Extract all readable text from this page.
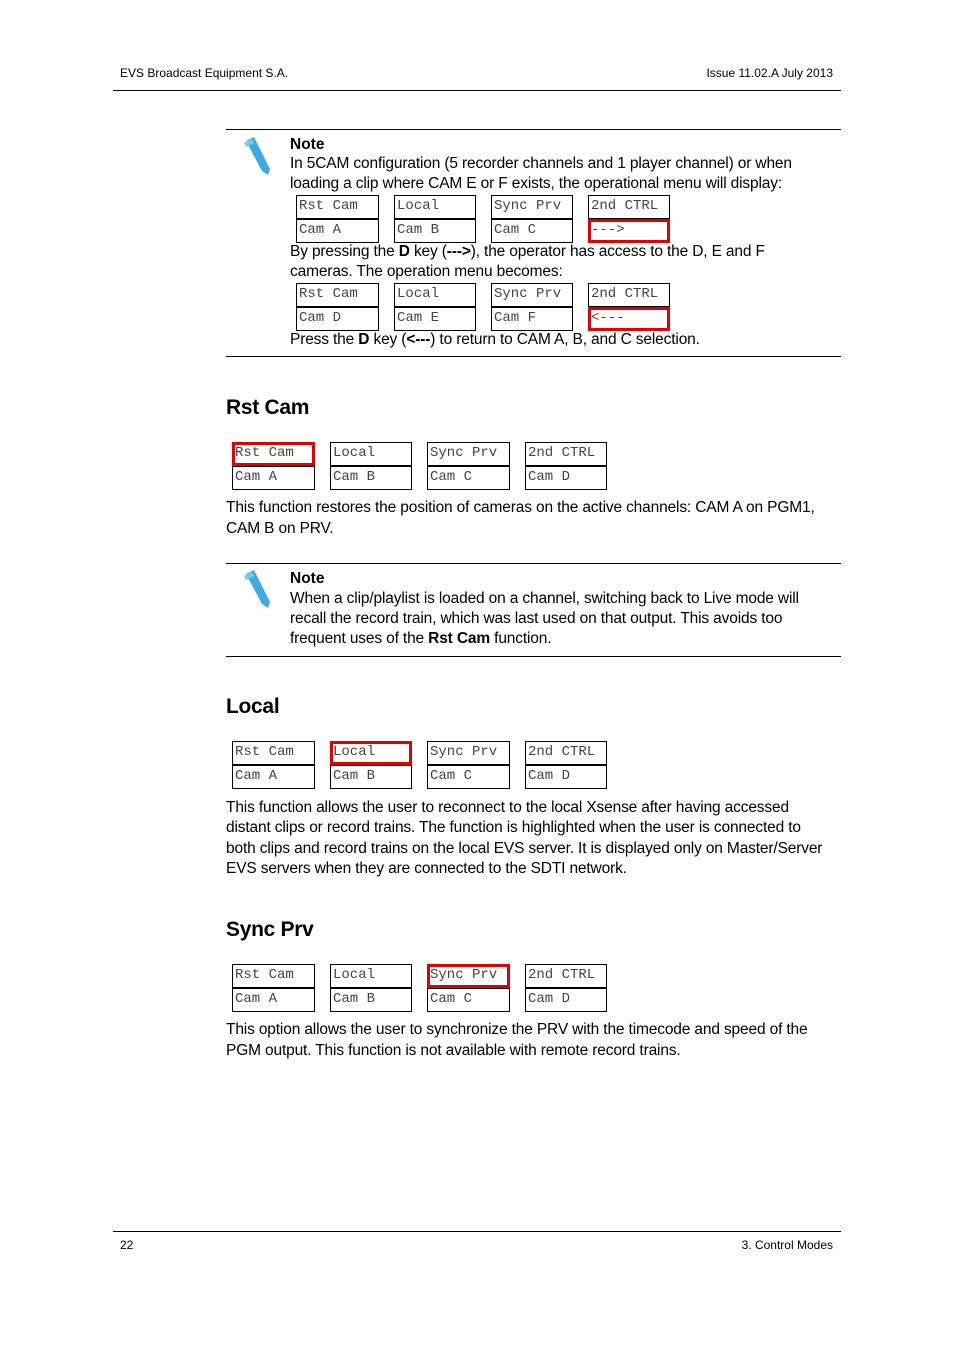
EVS Broadcast Equipment S.A.	Issue 11.02.A July 2013
Note
In 5CAM configuration (5 recorder channels and 1 player channel) or when
loading a clip where CAM E or F exists, the operational menu will display:
Rst Cam	Local	Sync Prv	2nd CTRL
Cam A	Cam B	Cam C	--->
By pressing the D key (--->), the operator has access to the D, E and F
cameras. The operation menu becomes:
Rst Cam	Local	Sync Prv	2nd CTRL
Cam D	Cam E	Cam F	<---
Press the D key (<---) to return to CAM A, B, and C selection.
Rst Cam
Rst Cam	Local	Sync Prv	2nd CTRL
Cam A	Cam B	Cam C	Cam D
This function restores the position of cameras on the active channels: CAM A on PGM1,
CAM B on PRV.
Note
When a clip/playlist is loaded on a channel, switching back to Live mode will
recall the record train, which was last used on that output. This avoids too
frequent uses of the Rst Cam function.
Local
Rst Cam	Local	Sync Prv	2nd CTRL
Cam A	Cam B	Cam C	Cam D
This function allows the user to reconnect to the local Xsense after having accessed
distant clips or record trains. The function is highlighted when the user is connected to
both clips and record trains on the local EVS server. It is displayed only on Master/Server
EVS servers when they are connected to the SDTI network.
Sync Prv
Rst Cam	Local	Sync Prv	2nd CTRL
Cam A	Cam B	Cam C	Cam D
This option allows the user to synchronize the PRV with the timecode and speed of the
PGM output. This function is not available with remote record trains.
22	3. Control Modes
